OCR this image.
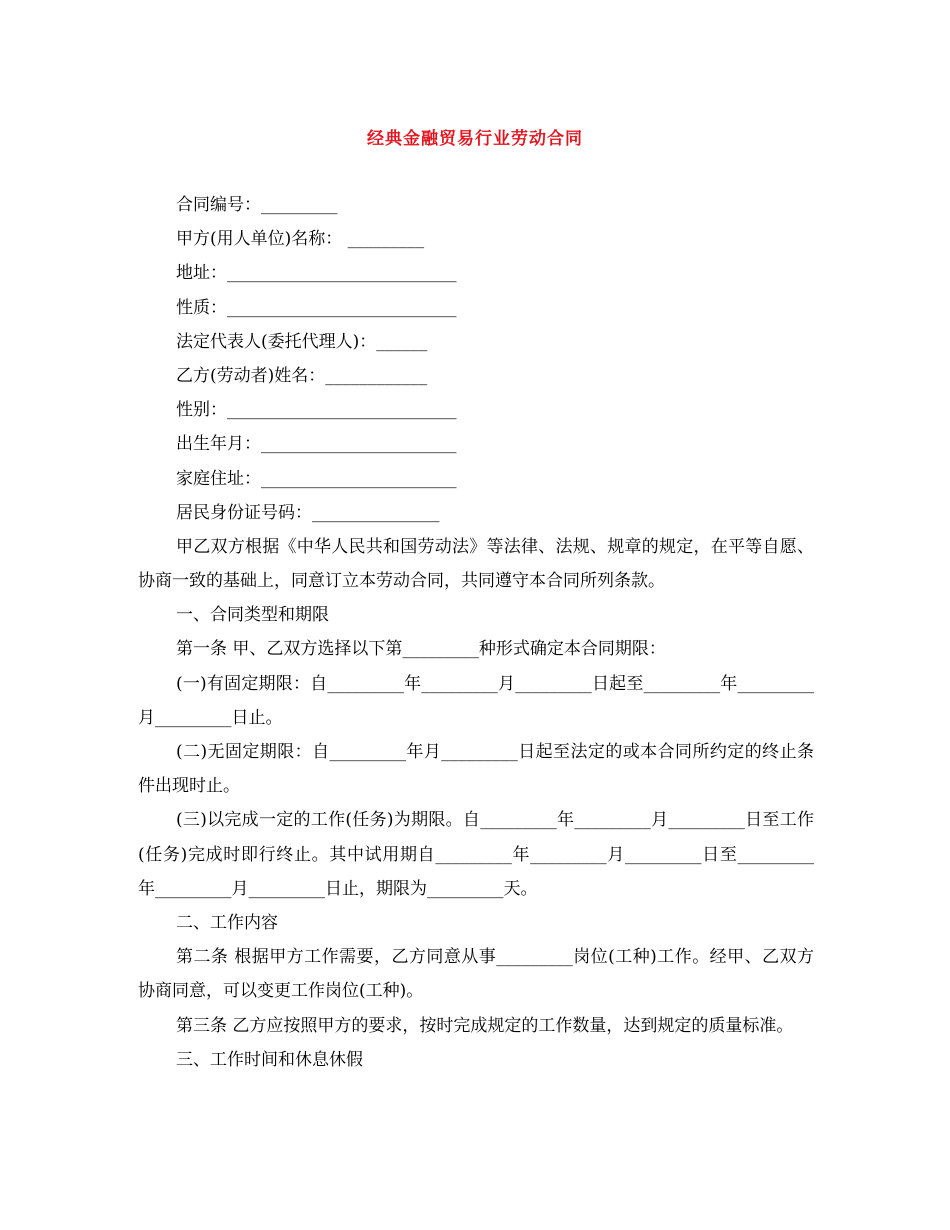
经典金融贸易行业劳动合同
合同编号：_________
甲方(用人单位)名称： _________
地址：___________________________
性质：___________________________
法定代表人(委托代理人)：______
乙方(劳动者)姓名：____________
性别：___________________________
出生年月：_______________________
家庭住址：_______________________
居民身份证号码：_______________

甲乙双方根据《中华人民共和国劳动法》等法律、法规、规章的规定，在平等自愿、协商一致的基础上，同意订立本劳动合同，共同遵守本合同所列条款。

一、合同类型和期限

第一条 甲、乙双方选择以下第_________种形式确定本合同期限：

(一)有固定期限：自_________年_________月_________日起至_________年_________月_________日止。

(二)无固定期限：自_________年月_________日起至法定的或本合同所约定的终止条件出现时止。

(三)以完成一定的工作(任务)为期限。自_________年_________月_________日至工作(任务)完成时即行终止。其中试用期自_________年_________月_________日至_________年_________月_________日止，期限为_________天。

二、工作内容

第二条 根据甲方工作需要，乙方同意从事_________岗位(工种)工作。经甲、乙双方协商同意，可以变更工作岗位(工种)。

第三条 乙方应按照甲方的要求，按时完成规定的工作数量，达到规定的质量标准。

三、工作时间和休息休假
